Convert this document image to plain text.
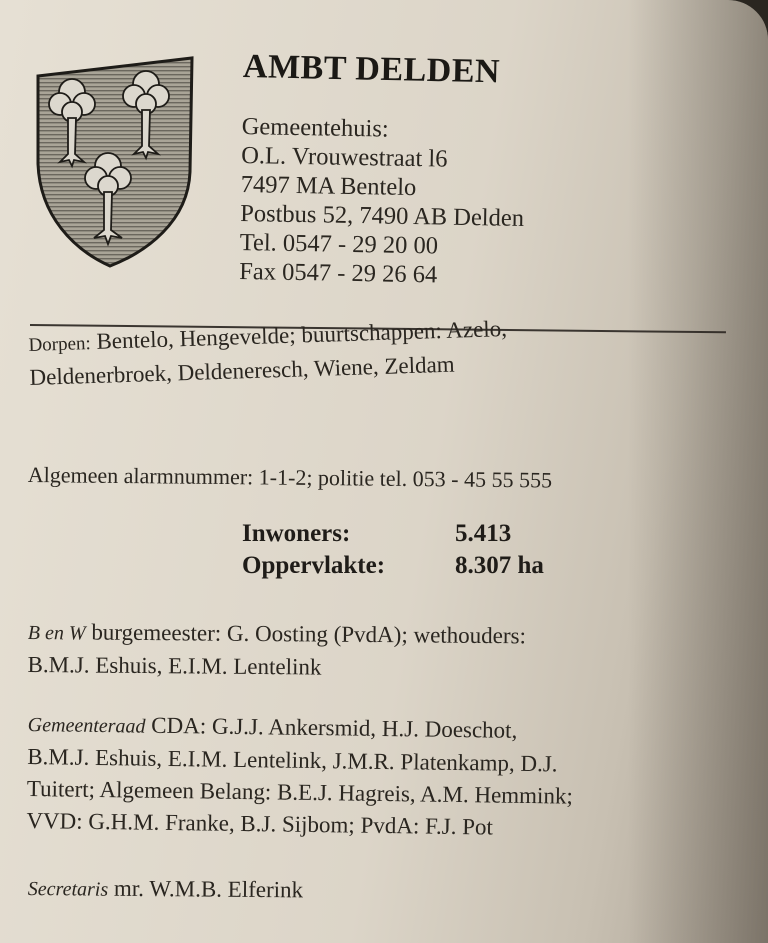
AMBT DELDEN
Gemeentehuis:
O.L. Vrouwestraat l6
7497 MA Bentelo
Postbus 52, 7490 AB Delden
Tel. 0547 - 29 20 00
Fax 0547 - 29 26 64
Dorpen: Bentelo, Hengevelde; buurtschappen: Azelo,
Deldenerbroek, Deldeneresch, Wiene, Zeldam
Algemeen alarmnummer: 1-1-2; politie tel. 053 - 45 55 555
Inwoners:	5.413
Oppervlakte:	8.307 ha
B en W burgemeester: G. Oosting (PvdA); wethouders:
B.M.J. Eshuis, E.I.M. Lentelink
Gemeenteraad CDA: G.J.J. Ankersmid, H.J. Doeschot,
B.M.J. Eshuis, E.I.M. Lentelink, J.M.R. Platenkamp, D.J.
Tuitert; Algemeen Belang: B.E.J. Hagreis, A.M. Hemmink;
VVD: G.H.M. Franke, B.J. Sijbom; PvdA: F.J. Pot
Secretaris mr. W.M.B. Elferink
